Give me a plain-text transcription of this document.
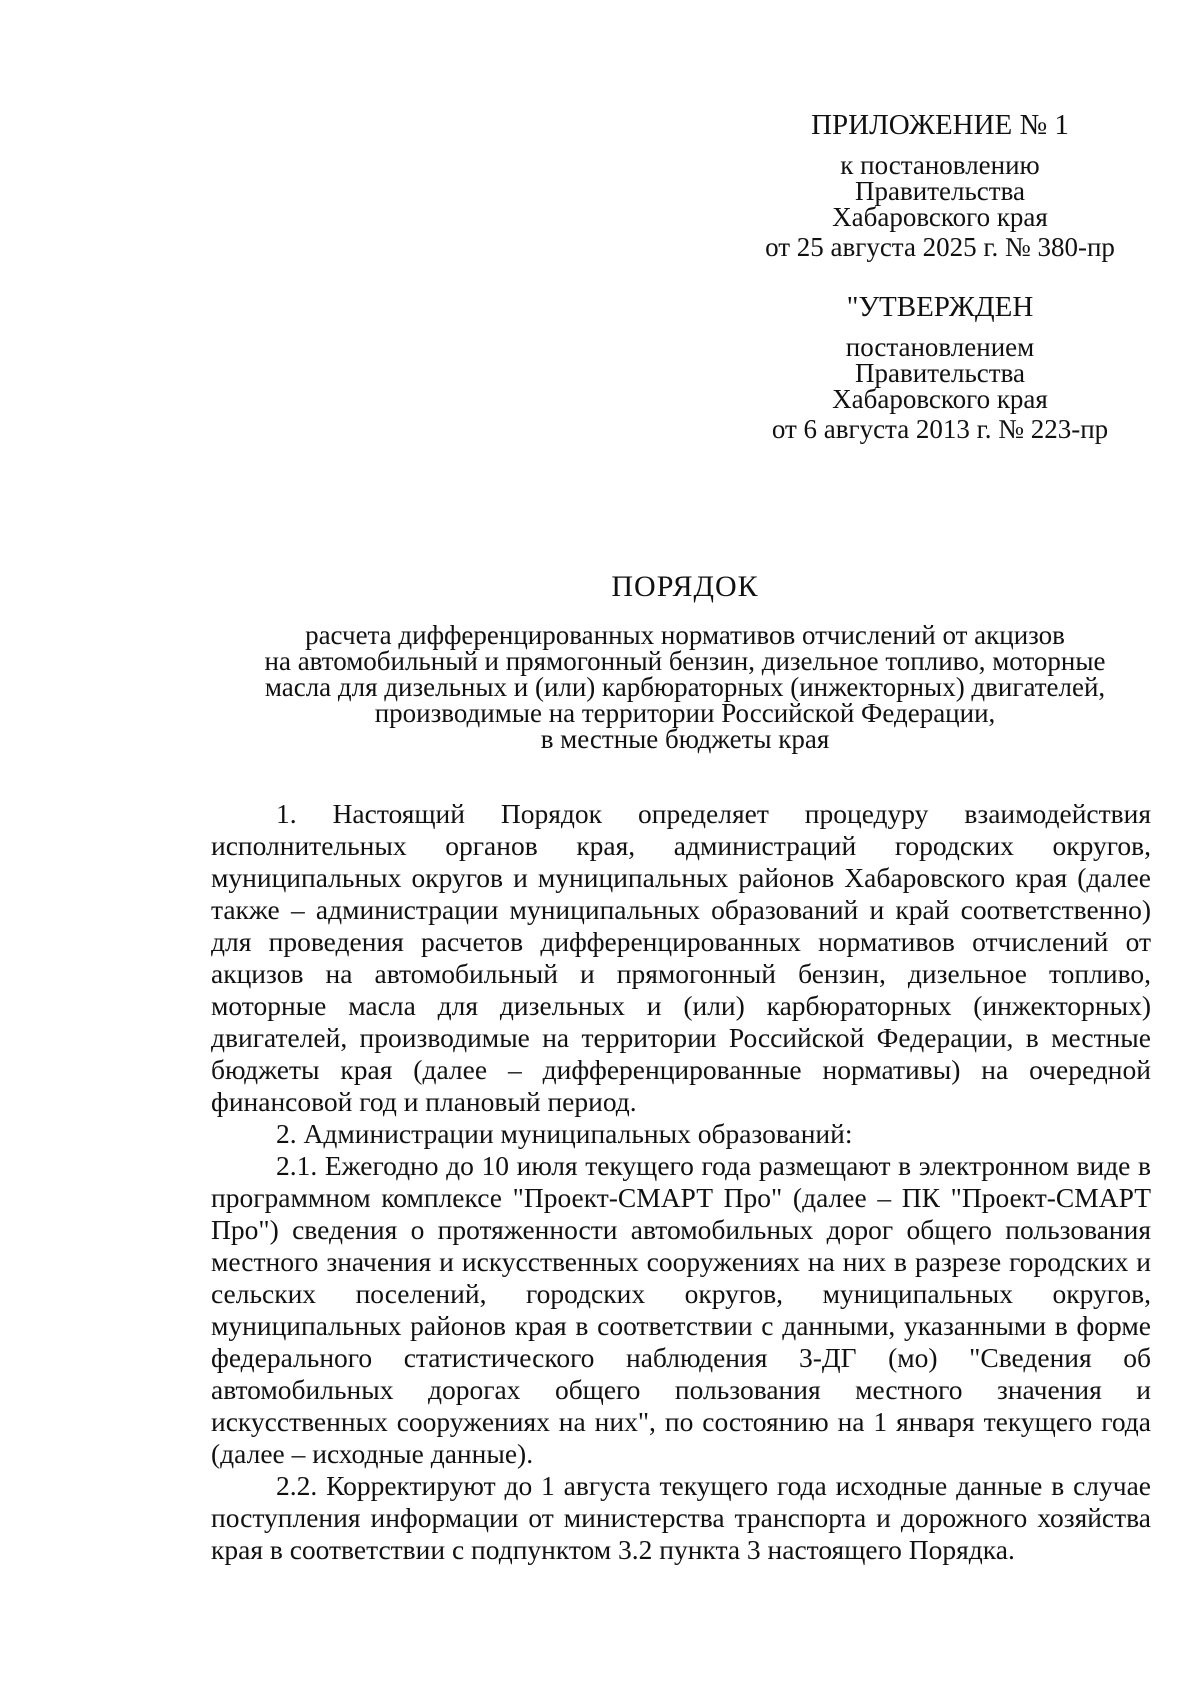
ПРИЛОЖЕНИЕ № 1
к постановлению
Правительства
Хабаровского края
от 25 августа 2025 г. № 380-пр
"УТВЕРЖДЕН
постановлением
Правительства
Хабаровского края
от 6 августа 2013 г. № 223-пр
ПОРЯДОК
расчета дифференцированных нормативов отчислений от акцизов
на автомобильный и прямогонный бензин, дизельное топливо, моторные
масла для дизельных и (или) карбюраторных (инжекторных) двигателей,
производимые на территории Российской Федерации,
в местные бюджеты края

1. Настоящий Порядок определяет процедуру взаимодействия исполнительных органов края, администраций городских округов, муниципальных округов и муниципальных районов Хабаровского края (далее также – администрации муниципальных образований и край соответственно) для проведения расчетов дифференцированных нормативов отчислений от акцизов на автомобильный и прямогонный бензин, дизельное топливо, моторные масла для дизельных и (или) карбюраторных (инжекторных) двигателей, производимые на территории Российской Федерации, в местные бюджеты края (далее – дифференцированные нормативы) на очередной финансовой год и плановый период.

2. Администрации муниципальных образований:

2.1. Ежегодно до 10 июля текущего года размещают в электронном виде в программном комплексе "Проект-СМАРТ Про" (далее – ПК "Проект-СМАРТ Про") сведения о протяженности автомобильных дорог общего пользования местного значения и искусственных сооружениях на них в разрезе городских и сельских поселений, городских округов, муниципальных округов, муниципальных районов края в соответствии с данными, указанными в форме федерального статистического наблюдения 3-ДГ (мо) "Сведения об автомобильных дорогах общего пользования местного значения и искусственных сооружениях на них", по состоянию на 1 января текущего года (далее – исходные данные).

2.2. Корректируют до 1 августа текущего года исходные данные в случае поступления информации от министерства транспорта и дорожного хозяйства края в соответствии с подпунктом 3.2 пункта 3 настоящего Порядка.
